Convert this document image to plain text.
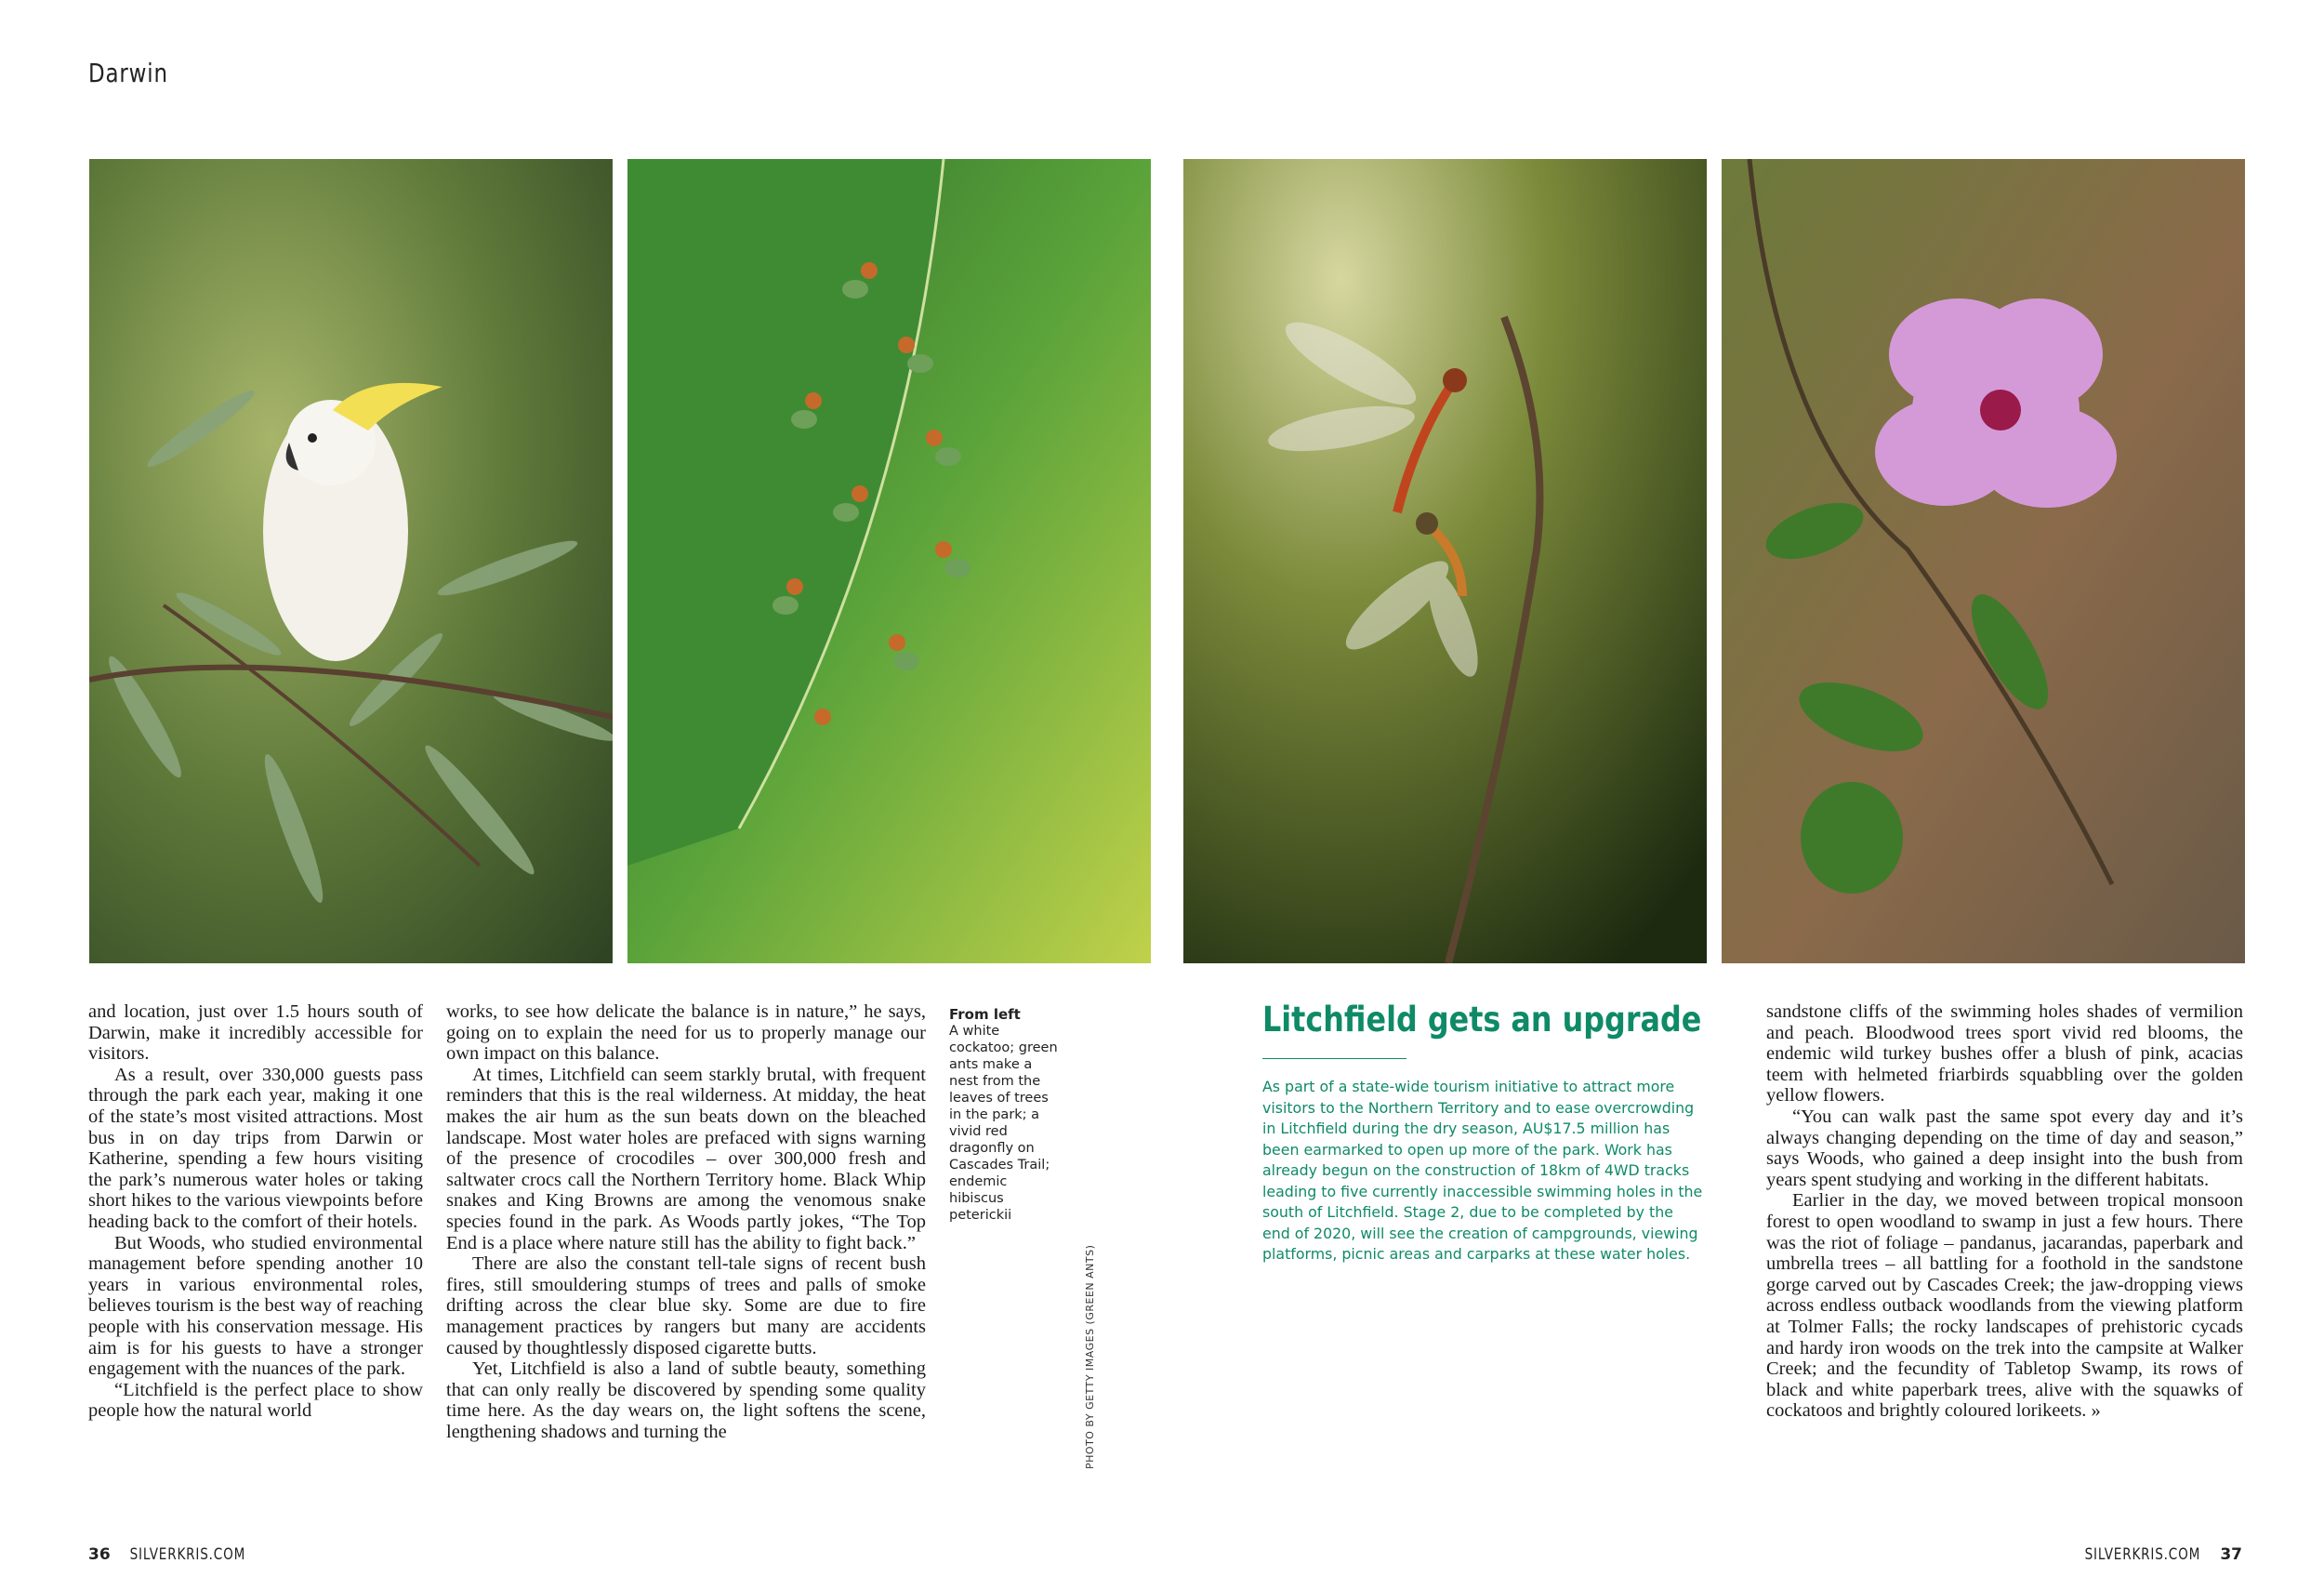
Darwin

and location, just over 1.5 hours south of Darwin, make it incredibly accessible for visitors.

As a result, over 330,000 guests pass through the park each year, making it one of the state’s most visited attractions. Most bus in on day trips from Darwin or Katherine, spending a few hours visiting the park’s numerous water holes or taking short hikes to the various viewpoints before heading back to the comfort of their hotels.

But Woods, who studied environmental management before spending another 10 years in various environmental roles, believes tourism is the best way of reaching people with his conservation message. His aim is for his guests to have a stronger engagement with the nuances of the park.

“Litchfield is the perfect place to show people how the natural world

works, to see how delicate the balance is in nature,” he says, going on to explain the need for us to properly manage our own impact on this balance.

At times, Litchfield can seem starkly brutal, with frequent reminders that this is the real wilderness. At midday, the heat makes the air hum as the sun beats down on the bleached landscape. Most water holes are prefaced with signs warning of the presence of crocodiles – over 300,000 fresh and saltwater crocs call the Northern Territory home. Black Whip snakes and King Browns are among the venomous snake species found in the park. As Woods partly jokes, “The Top End is a place where nature still has the ability to fight back.”

There are also the constant tell-tale signs of recent bush fires, still smouldering stumps of trees and palls of smoke drifting across the clear blue sky. Some are due to fire management practices by rangers but many are accidents caused by thoughtlessly disposed cigarette butts.

Yet, Litchfield is also a land of subtle beauty, something that can only really be discovered by spending some quality time here. As the day wears on, the light softens the scene, lengthening shadows and turning the

From left
A white cockatoo; green ants make a nest from the leaves of trees in the park; a vivid red dragonfly on Cascades Trail; endemic hibiscus peterickii
PHOTO BY GETTY IMAGES (GREEN ANTS)
Litchfield gets an upgrade
As part of a state-wide tourism initiative to attract more visitors to the Northern Territory and to ease overcrowding in Litchfield during the dry season, AU$17.5 million has been earmarked to open up more of the park. Work has already begun on the construction of 18km of 4WD tracks leading to five currently inaccessible swimming holes in the south of Litchfield. Stage 2, due to be completed by the end of 2020, will see the creation of campgrounds, viewing platforms, picnic areas and carparks at these water holes.

sandstone cliffs of the swimming holes shades of vermilion and peach. Bloodwood trees sport vivid red blooms, the endemic wild turkey bushes offer a blush of pink, acacias teem with helmeted friarbirds squabbling over the golden yellow flowers.

“You can walk past the same spot every day and it’s always changing depending on the time of day and season,” says Woods, who gained a deep insight into the bush from years spent studying and working in the different habitats.

Earlier in the day, we moved between tropical monsoon forest to open woodland to swamp in just a few hours. There was the riot of foliage – pandanus, jacarandas, paperbark and umbrella trees – all battling for a foothold in the sandstone gorge carved out by Cascades Creek; the jaw-dropping views across endless outback woodlands from the viewing platform at Tolmer Falls; the rocky landscapes of prehistoric cycads and hardy iron woods on the trek into the campsite at Walker Creek; and the fecundity of Tabletop Swamp, its rows of black and white paperbark trees, alive with the squawks of cockatoos and brightly coloured lorikeets. »

36 SILVERKRIS.COM	SILVERKRIS.COM 37
